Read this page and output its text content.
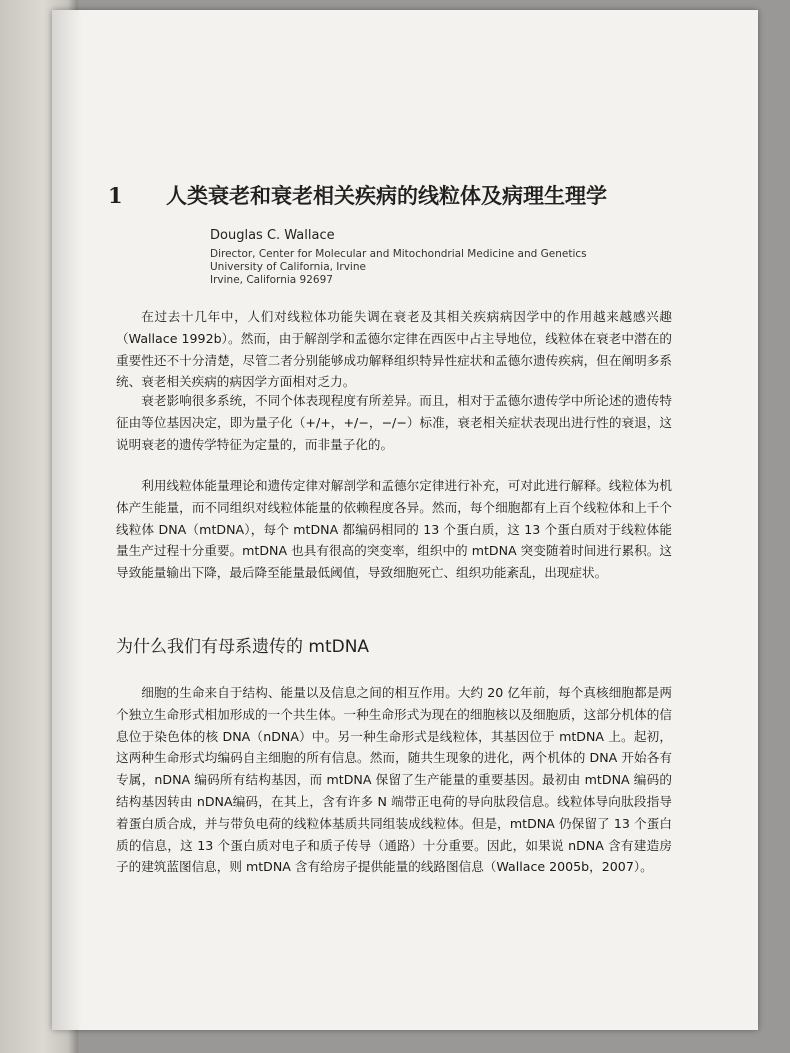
1 人类衰老和衰老相关疾病的线粒体及病理生理学
Douglas C. Wallace
Director, Center for Molecular and Mitochondrial Medicine and Genetics
University of California, Irvine
Irvine, California 92697

在过去十几年中，人们对线粒体功能失调在衰老及其相关疾病病因学中的作用越来越感兴趣（Wallace 1992b）。然而，由于解剖学和孟德尔定律在西医中占主导地位，线粒体在衰老中潜在的重要性还不十分清楚，尽管二者分别能够成功解释组织特异性症状和孟德尔遗传疾病，但在阐明多系统、衰老相关疾病的病因学方面相对乏力。

衰老影响很多系统，不同个体表现程度有所差异。而且，相对于孟德尔遗传学中所论述的遗传特征由等位基因决定，即为量子化（+/+，+/−，−/−）标准，衰老相关症状表现出进行性的衰退，这说明衰老的遗传学特征为定量的，而非量子化的。

利用线粒体能量理论和遗传定律对解剖学和孟德尔定律进行补充，可对此进行解释。线粒体为机体产生能量，而不同组织对线粒体能量的依赖程度各异。然而，每个细胞都有上百个线粒体和上千个线粒体 DNA（mtDNA），每个 mtDNA 都编码相同的 13 个蛋白质，这 13 个蛋白质对于线粒体能量生产过程十分重要。mtDNA 也具有很高的突变率，组织中的 mtDNA 突变随着时间进行累积。这导致能量输出下降，最后降至能量最低阈值，导致细胞死亡、组织功能紊乱，出现症状。

为什么我们有母系遗传的 mtDNA

细胞的生命来自于结构、能量以及信息之间的相互作用。大约 20 亿年前，每个真核细胞都是两个独立生命形式相加形成的一个共生体。一种生命形式为现在的细胞核以及细胞质，这部分机体的信息位于染色体的核 DNA（nDNA）中。另一种生命形式是线粒体，其基因位于 mtDNA 上。起初，这两种生命形式均编码自主细胞的所有信息。然而，随共生现象的进化，两个机体的 DNA 开始各有专属，nDNA 编码所有结构基因，而 mtDNA 保留了生产能量的重要基因。最初由 mtDNA 编码的结构基因转由 nDNA编码，在其上，含有许多 N 端带正电荷的导向肽段信息。线粒体导向肽段指导着蛋白质合成，并与带负电荷的线粒体基质共同组装成线粒体。但是，mtDNA 仍保留了 13 个蛋白质的信息，这 13 个蛋白质对电子和质子传导（通路）十分重要。因此，如果说 nDNA 含有建造房子的建筑蓝图信息，则 mtDNA 含有给房子提供能量的线路图信息（Wallace 2005b，2007）。
